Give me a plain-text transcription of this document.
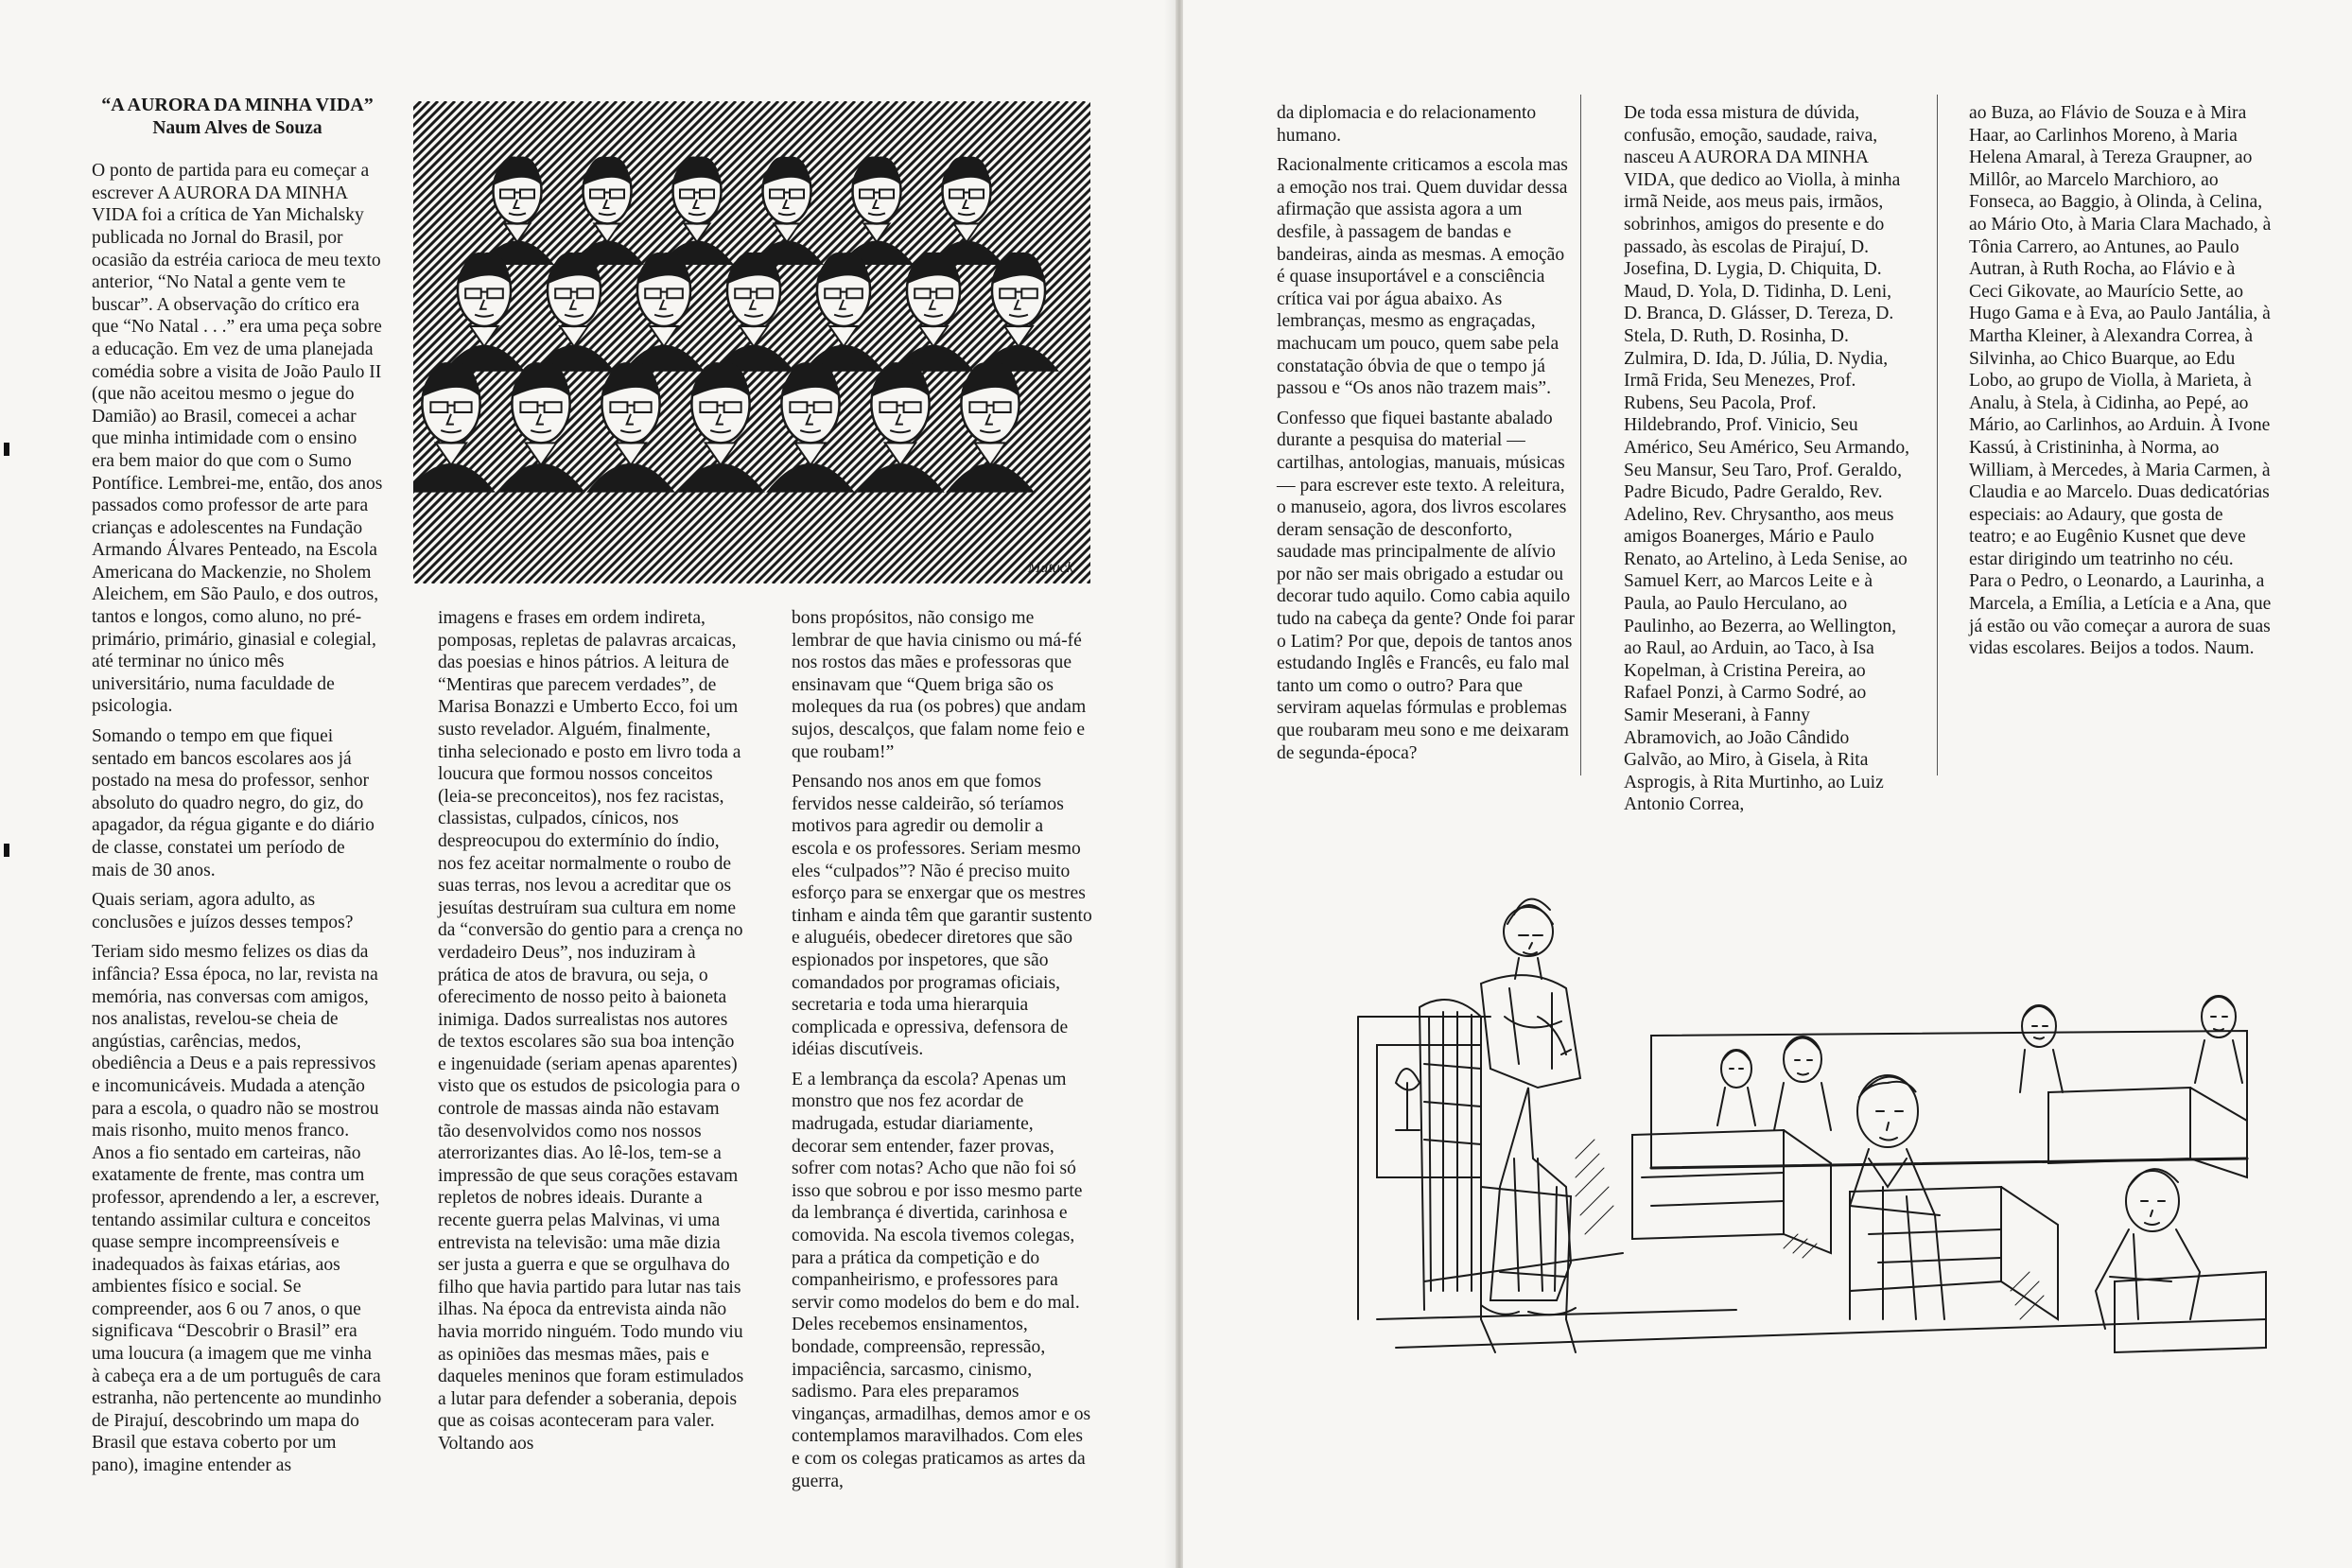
“A AURORA DA MINHA VIDA”

Naum Alves de Souza

O ponto de partida para eu começar a escrever A AURORA DA MINHA VIDA foi a crítica de Yan Michalsky publicada no Jornal do Brasil, por ocasião da estréia carioca de meu texto anterior, “No Natal a gente vem te buscar”. A observação do crítico era que “No Natal . . .” era uma peça sobre a educação. Em vez de uma planejada comédia sobre a visita de João Paulo II (que não aceitou mesmo o jegue do Damião) ao Brasil, comecei a achar que minha intimidade com o ensino era bem maior do que com o Sumo Pontífice. Lembrei-me, então, dos anos passados como professor de arte para crianças e adolescentes na Fundação Armando Álvares Penteado, na Escola Americana do Mackenzie, no Sholem Aleichem, em São Paulo, e dos outros, tantos e longos, como aluno, no pré-primário, primário, ginasial e colegial, até terminar no único mês universitário, numa faculdade de psicologia.

Somando o tempo em que fiquei sentado em bancos escolares aos já postado na mesa do professor, senhor absoluto do quadro negro, do giz, do apagador, da régua gigante e do diário de classe, constatei um período de mais de 30 anos.

Quais seriam, agora adulto, as conclusões e juízos desses tempos?

Teriam sido mesmo felizes os dias da infância? Essa época, no lar, revista na memória, nas conversas com amigos, nos analistas, revelou-se cheia de angústias, carências, medos, obediência a Deus e a pais repressivos e incomunicáveis. Mudada a atenção para a escola, o quadro não se mostrou mais risonho, muito menos franco. Anos a fio sentado em carteiras, não exatamente de frente, mas contra um professor, aprendendo a ler, a escrever, tentando assimilar cultura e conceitos quase sempre incompreensíveis e inadequados às faixas etárias, aos ambientes físico e social. Se compreender, aos 6 ou 7 anos, o que significava “Descobrir o Brasil” era uma loucura (a imagem que me vinha à cabeça era a de um português de cara estranha, não pertencente ao mundinho de Pirajuí, descobrindo um mapa do Brasil que estava coberto por um pano), imagine entender as

Matuck

imagens e frases em ordem indireta, pomposas, repletas de palavras arcaicas, das poesias e hinos pátrios. A leitura de “Mentiras que parecem verdades”, de Marisa Bonazzi e Umberto Ecco, foi um susto revelador. Alguém, finalmente, tinha selecionado e posto em livro toda a loucura que formou nossos conceitos (leia-se preconceitos), nos fez racistas, classistas, culpados, cínicos, nos despreocupou do extermínio do índio, nos fez aceitar normalmente o roubo de suas terras, nos levou a acreditar que os jesuítas destruíram sua cultura em nome da “conversão do gentio para a crença no verdadeiro Deus”, nos induziram à prática de atos de bravura, ou seja, o oferecimento de nosso peito à baioneta inimiga. Dados surrealistas nos autores de textos escolares são sua boa intenção e ingenuidade (seriam apenas aparentes) visto que os estudos de psicologia para o controle de massas ainda não estavam tão desenvolvidos como nos nossos aterrorizantes dias. Ao lê-los, tem-se a impressão de que seus corações estavam repletos de nobres ideais. Durante a recente guerra pelas Malvinas, vi uma entrevista na televisão: uma mãe dizia ser justa a guerra e que se orgulhava do filho que havia partido para lutar nas tais ilhas. Na época da entrevista ainda não havia morrido ninguém. Todo mundo viu as opiniões das mesmas mães, pais e daqueles meninos que foram estimulados a lutar para defender a soberania, depois que as coisas aconteceram para valer. Voltando aos

bons propósitos, não consigo me lembrar de que havia cinismo ou má-fé nos rostos das mães e professoras que ensinavam que “Quem briga são os moleques da rua (os pobres) que andam sujos, descalços, que falam nome feio e que roubam!”

Pensando nos anos em que fomos fervidos nesse caldeirão, só teríamos motivos para agredir ou demolir a escola e os professores. Seriam mesmo eles “culpados”? Não é preciso muito esforço para se enxergar que os mestres tinham e ainda têm que garantir sustento e aluguéis, obedecer diretores que são espionados por inspetores, que são comandados por programas oficiais, secretaria e toda uma hierarquia complicada e opressiva, defensora de idéias discutíveis.

E a lembrança da escola? Apenas um monstro que nos fez acordar de madrugada, estudar diariamente, decorar sem entender, fazer provas, sofrer com notas? Acho que não foi só isso que sobrou e por isso mesmo parte da lembrança é divertida, carinhosa e comovida. Na escola tivemos colegas, para a prática da competição e do companheirismo, e professores para servir como modelos do bem e do mal. Deles recebemos ensinamentos, bondade, compreensão, repressão, impaciência, sarcasmo, cinismo, sadismo. Para eles preparamos vinganças, armadilhas, demos amor e os contemplamos maravilhados. Com eles e com os colegas praticamos as artes da guerra,

da diplomacia e do relacionamento humano.

Racionalmente criticamos a escola mas a emoção nos trai. Quem duvidar dessa afirmação que assista agora a um desfile, à passagem de bandas e bandeiras, ainda as mesmas. A emoção é quase insuportável e a consciência crítica vai por água abaixo. As lembranças, mesmo as engraçadas, machucam um pouco, quem sabe pela constatação óbvia de que o tempo já passou e “Os anos não trazem mais”.

Confesso que fiquei bastante abalado durante a pesquisa do material — cartilhas, antologias, manuais, músicas — para escrever este texto. A releitura, o manuseio, agora, dos livros escolares deram sensação de desconforto, saudade mas principalmente de alívio por não ser mais obrigado a estudar ou decorar tudo aquilo. Como cabia aquilo tudo na cabeça da gente? Onde foi parar o Latim? Por que, depois de tantos anos estudando Inglês e Francês, eu falo mal tanto um como o outro? Para que serviram aquelas fórmulas e problemas que roubaram meu sono e me deixaram de segunda-época?

De toda essa mistura de dúvida, confusão, emoção, saudade, raiva, nasceu A AURORA DA MINHA VIDA, que dedico ao Violla, à minha irmã Neide, aos meus pais, irmãos, sobrinhos, amigos do presente e do passado, às escolas de Pirajuí, D. Josefina, D. Lygia, D. Chiquita, D. Maud, D. Yola, D. Tidinha, D. Leni, D. Branca, D. Glásser, D. Tereza, D. Stela, D. Ruth, D. Rosinha, D. Zulmira, D. Ida, D. Júlia, D. Nydia, Irmã Frida, Seu Menezes, Prof. Rubens, Seu Pacola, Prof. Hildebrando, Prof. Vinicio, Seu Américo, Seu Américo, Seu Armando, Seu Mansur, Seu Taro, Prof. Geraldo, Padre Bicudo, Padre Geraldo, Rev. Adelino, Rev. Chrysantho, aos meus amigos Boanerges, Mário e Paulo Renato, ao Artelino, à Leda Senise, ao Samuel Kerr, ao Marcos Leite e à Paula, ao Paulo Herculano, ao Paulinho, ao Bezerra, ao Wellington, ao Raul, ao Arduin, ao Taco, à Isa Kopelman, à Cristina Pereira, ao Rafael Ponzi, à Carmo Sodré, ao Samir Meserani, à Fanny Abramovich, ao João Cândido Galvão, ao Miro, à Gisela, à Rita Asprogis, à Rita Murtinho, ao Luiz Antonio Correa,

ao Buza, ao Flávio de Souza e à Mira Haar, ao Carlinhos Moreno, à Maria Helena Amaral, à Tereza Graupner, ao Millôr, ao Marcelo Marchioro, ao Fonseca, ao Baggio, à Olinda, à Celina, ao Mário Oto, à Maria Clara Machado, à Tônia Carrero, ao Antunes, ao Paulo Autran, à Ruth Rocha, ao Flávio e à Ceci Gikovate, ao Maurício Sette, ao Hugo Gama e à Eva, ao Paulo Jantália, à Martha Kleiner, à Alexandra Correa, à Silvinha, ao Chico Buarque, ao Edu Lobo, ao grupo de Violla, à Marieta, à Analu, à Stela, à Cidinha, ao Pepé, ao Mário, ao Carlinhos, ao Arduin. À Ivone Kassú, à Cristininha, à Norma, ao William, à Mercedes, à Maria Carmen, à Claudia e ao Marcelo. Duas dedicatórias especiais: ao Adaury, que gosta de teatro; e ao Eugênio Kusnet que deve estar dirigindo um teatrinho no céu.

Para o Pedro, o Leonardo, a Laurinha, a Marcela, a Emília, a Letícia e a Ana, que já estão ou vão começar a aurora de suas vidas escolares. Beijos a todos. Naum.
